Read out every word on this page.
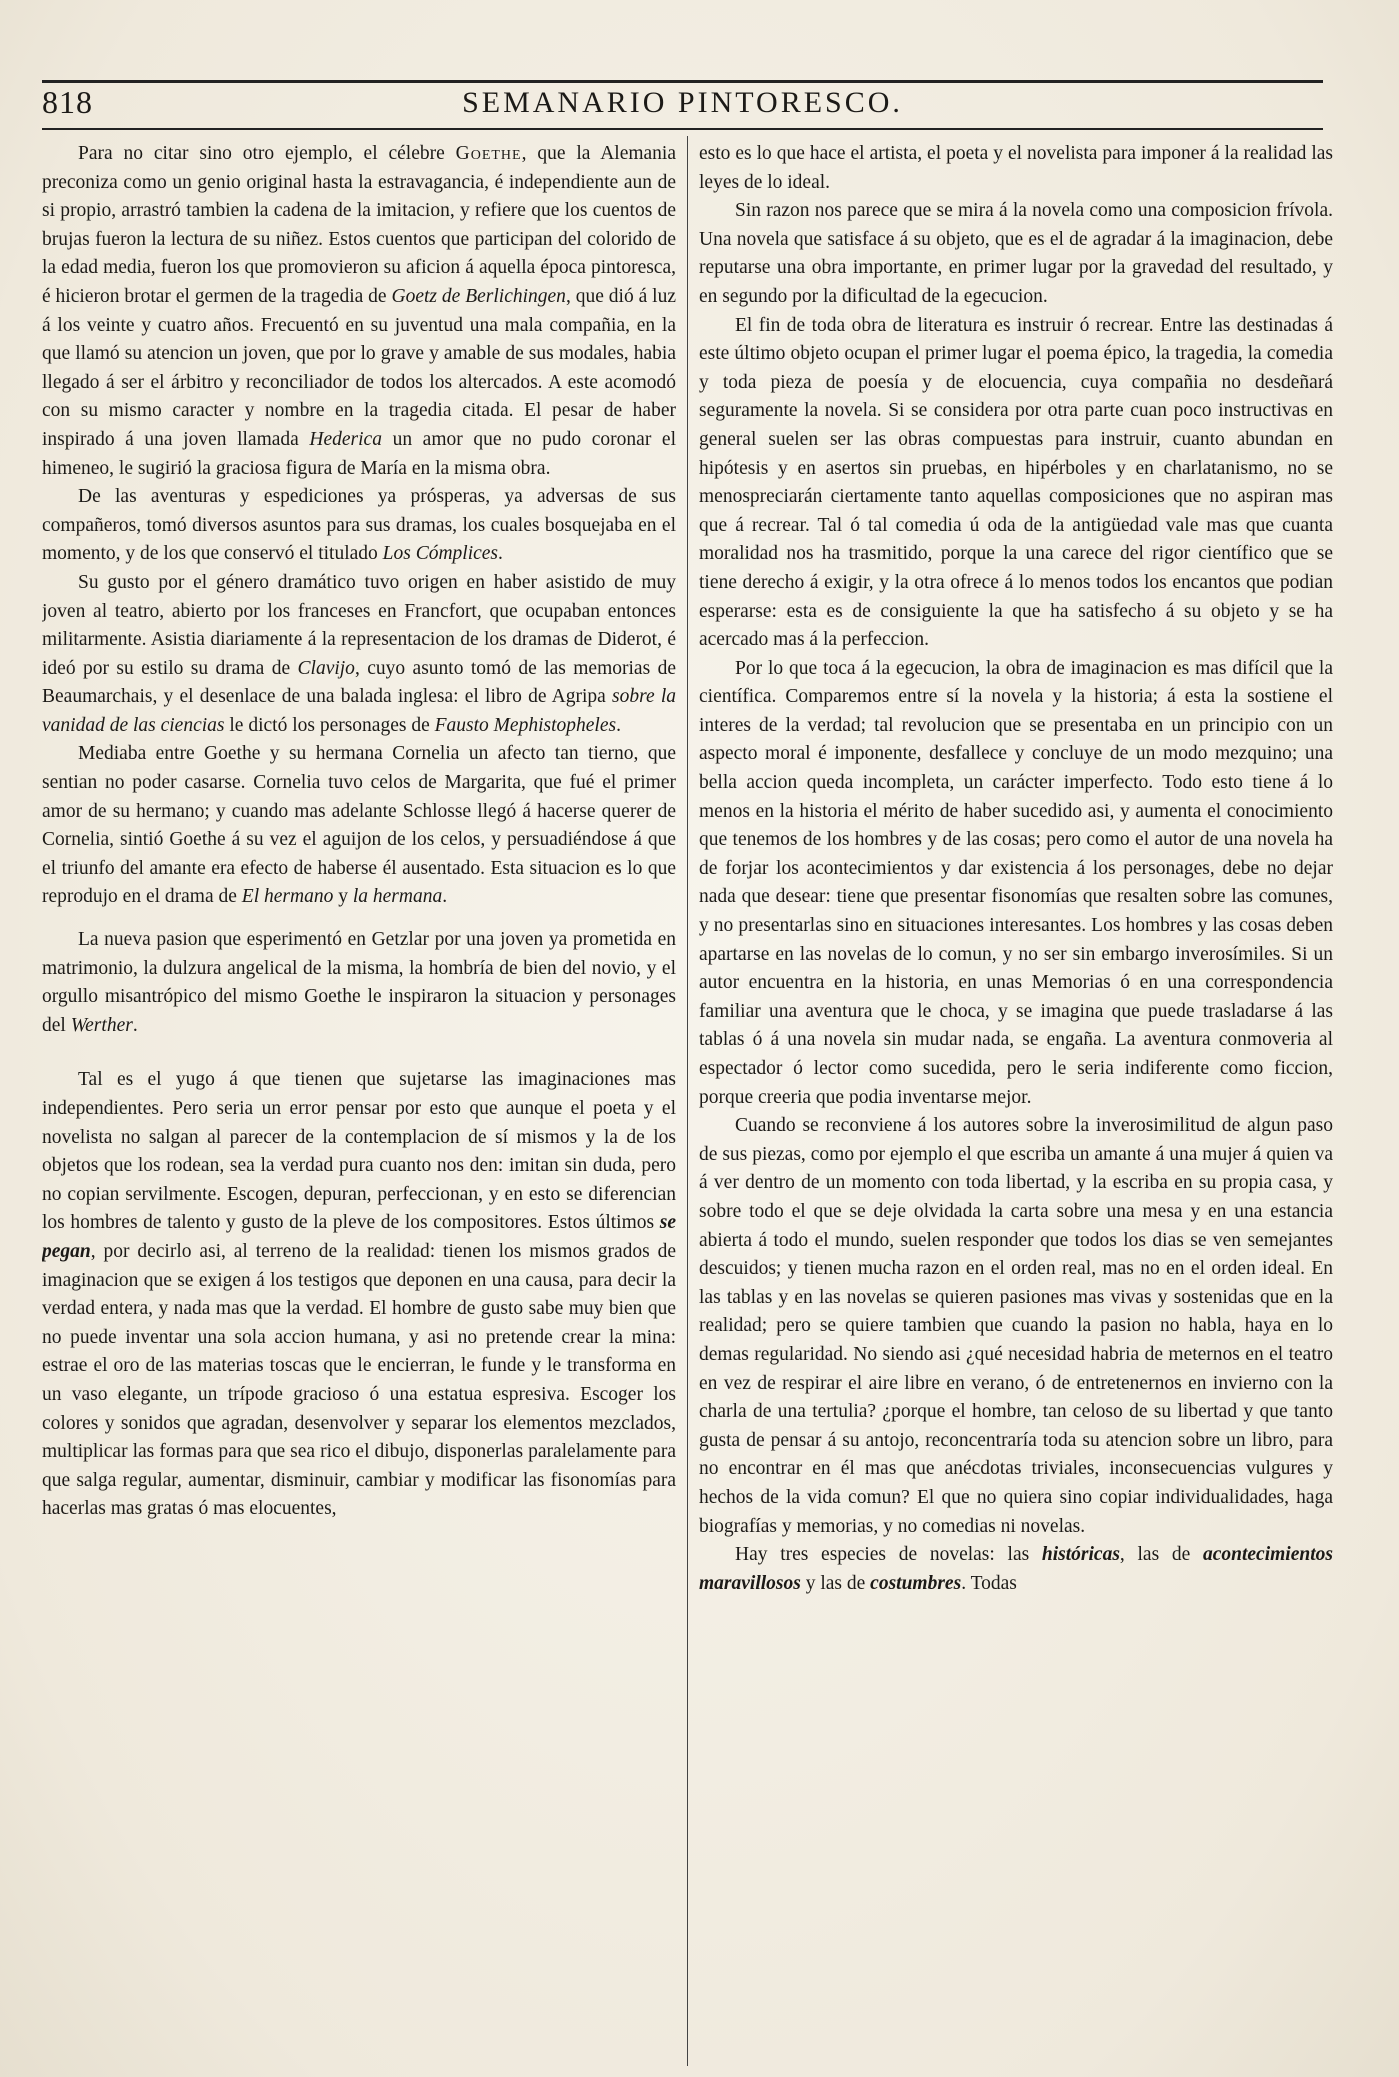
818	SEMANARIO PINTORESCO.

Para no citar sino otro ejemplo, el célebre Goethe, que la Alemania preconiza como un genio original hasta la estravagancia, é independiente aun de si propio, arrastró tambien la cadena de la imitacion, y refiere que los cuentos de brujas fueron la lectura de su niñez. Estos cuentos que participan del colorido de la edad media, fueron los que promovieron su aficion á aquella época pintoresca, é hicieron brotar el germen de la tragedia de Goetz de Berlichingen, que dió á luz á los veinte y cuatro años. Frecuentó en su juventud una mala compañia, en la que llamó su atencion un joven, que por lo grave y amable de sus modales, habia llegado á ser el árbitro y reconciliador de todos los altercados. A este acomodó con su mismo caracter y nombre en la tragedia citada. El pesar de haber inspirado á una joven llamada Hederica un amor que no pudo coronar el himeneo, le sugirió la graciosa figura de María en la misma obra.

De las aventuras y espediciones ya prósperas, ya adversas de sus compañeros, tomó diversos asuntos para sus dramas, los cuales bosquejaba en el momento, y de los que conservó el titulado Los Cómplices.

Su gusto por el género dramático tuvo origen en haber asistido de muy joven al teatro, abierto por los franceses en Francfort, que ocupaban entonces militarmente. Asistia diariamente á la representacion de los dramas de Diderot, é ideó por su estilo su drama de Clavijo, cuyo asunto tomó de las memorias de Beaumarchais, y el desenlace de una balada inglesa: el libro de Agripa sobre la vanidad de las ciencias le dictó los personages de Fausto Mephistopheles.

Mediaba entre Goethe y su hermana Cornelia un afecto tan tierno, que sentian no poder casarse. Cornelia tuvo celos de Margarita, que fué el primer amor de su hermano; y cuando mas adelante Schlosse llegó á hacerse querer de Cornelia, sintió Goethe á su vez el aguijon de los celos, y persuadiéndose á que el triunfo del amante era efecto de haberse él ausentado. Esta situacion es lo que reprodujo en el drama de El hermano y la hermana.

La nueva pasion que esperimentó en Getzlar por una joven ya prometida en matrimonio, la dulzura angelical de la misma, la hombría de bien del novio, y el orgullo misantrópico del mismo Goethe le inspiraron la situacion y personages del Werther.

Tal es el yugo á que tienen que sujetarse las imaginaciones mas independientes. Pero seria un error pensar por esto que aunque el poeta y el novelista no salgan al parecer de la contemplacion de sí mismos y la de los objetos que los rodean, sea la verdad pura cuanto nos den: imitan sin duda, pero no copian servilmente. Escogen, depuran, perfeccionan, y en esto se diferencian los hombres de talento y gusto de la pleve de los compositores. Estos últimos se pegan, por decirlo asi, al terreno de la realidad: tienen los mismos grados de imaginacion que se exigen á los testigos que deponen en una causa, para decir la verdad entera, y nada mas que la verdad. El hombre de gusto sabe muy bien que no puede inventar una sola accion humana, y asi no pretende crear la mina: estrae el oro de las materias toscas que le encierran, le funde y le transforma en un vaso elegante, un trípode gracioso ó una estatua espresiva. Escoger los colores y sonidos que agradan, desenvolver y separar los elementos mezclados, multiplicar las formas para que sea rico el dibujo, disponerlas paralelamente para que salga regular, aumentar, disminuir, cambiar y modificar las fisonomías para hacerlas mas gratas ó mas elocuentes,

esto es lo que hace el artista, el poeta y el novelista para imponer á la realidad las leyes de lo ideal.

Sin razon nos parece que se mira á la novela como una composicion frívola. Una novela que satisface á su objeto, que es el de agradar á la imaginacion, debe reputarse una obra importante, en primer lugar por la gravedad del resultado, y en segundo por la dificultad de la egecucion.

El fin de toda obra de literatura es instruir ó recrear. Entre las destinadas á este último objeto ocupan el primer lugar el poema épico, la tragedia, la comedia y toda pieza de poesía y de elocuencia, cuya compañia no desdeñará seguramente la novela. Si se considera por otra parte cuan poco instructivas en general suelen ser las obras compuestas para instruir, cuanto abundan en hipótesis y en asertos sin pruebas, en hipérboles y en charlatanismo, no se menospreciarán ciertamente tanto aquellas composiciones que no aspiran mas que á recrear. Tal ó tal comedia ú oda de la antigüedad vale mas que cuanta moralidad nos ha trasmitido, porque la una carece del rigor científico que se tiene derecho á exigir, y la otra ofrece á lo menos todos los encantos que podian esperarse: esta es de consiguiente la que ha satisfecho á su objeto y se ha acercado mas á la perfeccion.

Por lo que toca á la egecucion, la obra de imaginacion es mas difícil que la científica. Comparemos entre sí la novela y la historia; á esta la sostiene el interes de la verdad; tal revolucion que se presentaba en un principio con un aspecto moral é imponente, desfallece y concluye de un modo mezquino; una bella accion queda incompleta, un carácter imperfecto. Todo esto tiene á lo menos en la historia el mérito de haber sucedido asi, y aumenta el conocimiento que tenemos de los hombres y de las cosas; pero como el autor de una novela ha de forjar los acontecimientos y dar existencia á los personages, debe no dejar nada que desear: tiene que presentar fisonomías que resalten sobre las comunes, y no presentarlas sino en situaciones interesantes. Los hombres y las cosas deben apartarse en las novelas de lo comun, y no ser sin embargo inverosímiles. Si un autor encuentra en la historia, en unas Memorias ó en una correspondencia familiar una aventura que le choca, y se imagina que puede trasladarse á las tablas ó á una novela sin mudar nada, se engaña. La aventura conmoveria al espectador ó lector como sucedida, pero le seria indiferente como ficcion, porque creeria que podia inventarse mejor.

Cuando se reconviene á los autores sobre la inverosimilitud de algun paso de sus piezas, como por ejemplo el que escriba un amante á una mujer á quien va á ver dentro de un momento con toda libertad, y la escriba en su propia casa, y sobre todo el que se deje olvidada la carta sobre una mesa y en una estancia abierta á todo el mundo, suelen responder que todos los dias se ven semejantes descuidos; y tienen mucha razon en el orden real, mas no en el orden ideal. En las tablas y en las novelas se quieren pasiones mas vivas y sostenidas que en la realidad; pero se quiere tambien que cuando la pasion no habla, haya en lo demas regularidad. No siendo asi ¿qué necesidad habria de meternos en el teatro en vez de respirar el aire libre en verano, ó de entretenernos en invierno con la charla de una tertulia? ¿porque el hombre, tan celoso de su libertad y que tanto gusta de pensar á su antojo, reconcentraría toda su atencion sobre un libro, para no encontrar en él mas que anécdotas triviales, inconsecuencias vulgures y hechos de la vida comun? El que no quiera sino copiar individualidades, haga biografías y memorias, y no comedias ni novelas.

Hay tres especies de novelas: las históricas, las de acontecimientos maravillosos y las de costumbres. Todas
